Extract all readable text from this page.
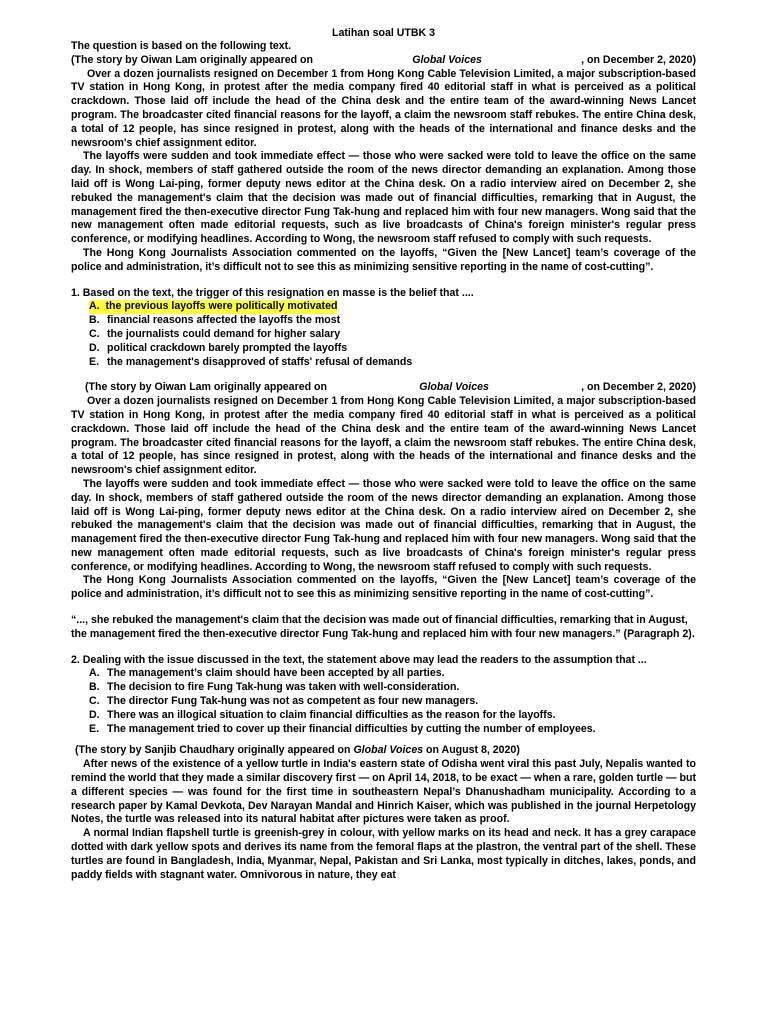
Latihan soal UTBK 3
The question is based on the following text.
(The story by Oiwan Lam originally appeared on	Global Voices	, on December 2, 2020)

Over a dozen journalists resigned on December 1 from Hong Kong Cable Television Limited, a major subscription-based TV station in Hong Kong, in protest after the media company fired 40 editorial staff in what is perceived as a political crackdown. Those laid off include the head of the China desk and the entire team of the award-winning News Lancet program. The broadcaster cited financial reasons for the layoff, a claim the newsroom staff rebukes. The entire China desk, a total of 12 people, has since resigned in protest, along with the heads of the international and finance desks and the newsroom's chief assignment editor.

The layoffs were sudden and took immediate effect — those who were sacked were told to leave the office on the same day. In shock, members of staff gathered outside the room of the news director demanding an explanation. Among those laid off is Wong Lai-ping, former deputy news editor at the China desk. On a radio interview aired on December 2, she rebuked the management's claim that the decision was made out of financial difficulties, remarking that in August, the management fired the then-executive director Fung Tak-hung and replaced him with four new managers. Wong said that the new management often made editorial requests, such as live broadcasts of China's foreign minister's regular press conference, or modifying headlines. According to Wong, the newsroom staff refused to comply with such requests.

The Hong Kong Journalists Association commented on the layoffs, “Given the [New Lancet] team’s coverage of the police and administration, it’s difficult not to see this as minimizing sensitive reporting in the name of cost-cutting”.

1. Based on the text, the trigger of this resignation en masse is the belief that ....
A. the previous layoffs were politically motivated
B. financial reasons affected the layoffs the most
C. the journalists could demand for higher salary
D. political crackdown barely prompted the layoffs
E. the management's disapproved of staffs' refusal of demands
(The story by Oiwan Lam originally appeared on	Global Voices	, on December 2, 2020)

Over a dozen journalists resigned on December 1 from Hong Kong Cable Television Limited, a major subscription-based TV station in Hong Kong, in protest after the media company fired 40 editorial staff in what is perceived as a political crackdown. Those laid off include the head of the China desk and the entire team of the award-winning News Lancet program. The broadcaster cited financial reasons for the layoff, a claim the newsroom staff rebukes. The entire China desk, a total of 12 people, has since resigned in protest, along with the heads of the international and finance desks and the newsroom's chief assignment editor.

The layoffs were sudden and took immediate effect — those who were sacked were told to leave the office on the same day. In shock, members of staff gathered outside the room of the news director demanding an explanation. Among those laid off is Wong Lai-ping, former deputy news editor at the China desk. On a radio interview aired on December 2, she rebuked the management's claim that the decision was made out of financial difficulties, remarking that in August, the management fired the then-executive director Fung Tak-hung and replaced him with four new managers. Wong said that the new management often made editorial requests, such as live broadcasts of China's foreign minister's regular press conference, or modifying headlines. According to Wong, the newsroom staff refused to comply with such requests.

The Hong Kong Journalists Association commented on the layoffs, “Given the [New Lancet] team’s coverage of the police and administration, it’s difficult not to see this as minimizing sensitive reporting in the name of cost-cutting”.

“..., she rebuked the management's claim that the decision was made out of financial difficulties, remarking that in August, the management fired the then-executive director Fung Tak-hung and replaced him with four new managers.” (Paragraph 2).

2. Dealing with the issue discussed in the text, the statement above may lead the readers to the assumption that ...
A. The management’s claim should have been accepted by all parties.
B. The decision to fire Fung Tak-hung was taken with well-consideration.
C. The director Fung Tak-hung was not as competent as four new managers.
D. There was an illogical situation to claim financial difficulties as the reason for the layoffs.
E. The management tried to cover up their financial difficulties by cutting the number of employees.
(The story by Sanjib Chaudhary originally appeared on Global Voices on August 8, 2020)

After news of the existence of a yellow turtle in India's eastern state of Odisha went viral this past July, Nepalis wanted to remind the world that they made a similar discovery first — on April 14, 2018, to be exact — when a rare, golden turtle — but a different species — was found for the first time in southeastern Nepal’s Dhanushadham municipality. According to a research paper by Kamal Devkota, Dev Narayan Mandal and Hinrich Kaiser, which was published in the journal Herpetology Notes, the turtle was released into its natural habitat after pictures were taken as proof.

A normal Indian flapshell turtle is greenish-grey in colour, with yellow marks on its head and neck. It has a grey carapace dotted with dark yellow spots and derives its name from the femoral flaps at the plastron, the ventral part of the shell. These turtles are found in Bangladesh, India, Myanmar, Nepal, Pakistan and Sri Lanka, most typically in ditches, lakes, ponds, and paddy fields with stagnant water. Omnivorous in nature, they eat
